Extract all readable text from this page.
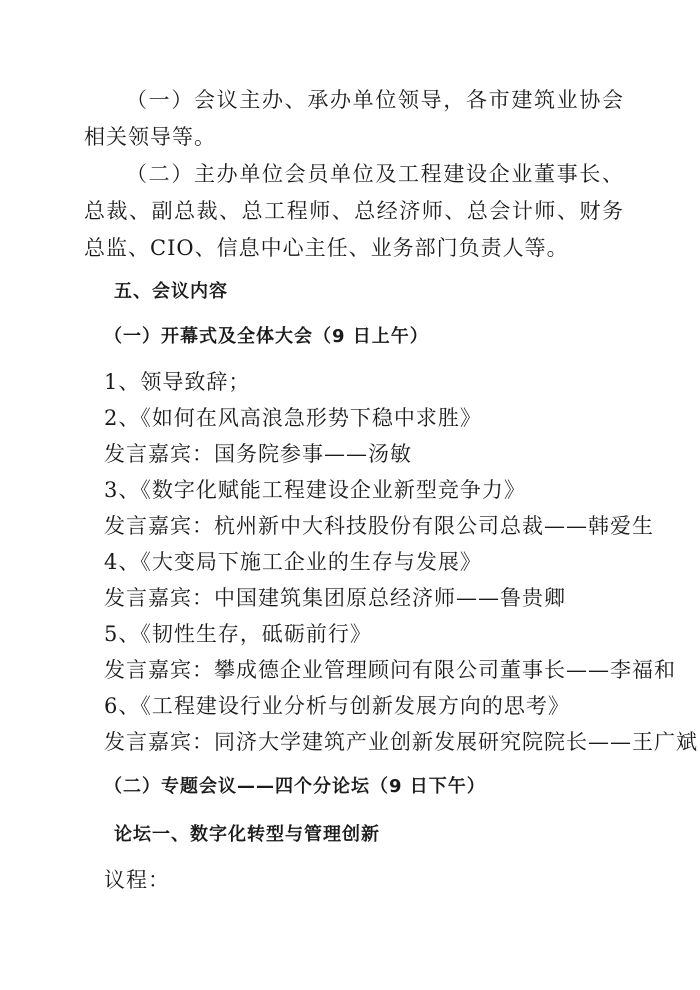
（一）会议主办、承办单位领导，各市建筑业协会相关领导等。
（二）主办单位会员单位及工程建设企业董事长、总裁、副总裁、总工程师、总经济师、总会计师、财务总监、CIO、信息中心主任、业务部门负责人等。
五、会议内容
（一）开幕式及全体大会（9 日上午）
1、领导致辞；
2、《如何在风高浪急形势下稳中求胜》
发言嘉宾：国务院参事——汤敏
3、《数字化赋能工程建设企业新型竞争力》
发言嘉宾：杭州新中大科技股份有限公司总裁——韩爱生
4、《大变局下施工企业的生存与发展》
发言嘉宾：中国建筑集团原总经济师——鲁贵卿
5、《韧性生存，砥砺前行》
发言嘉宾：攀成德企业管理顾问有限公司董事长——李福和
6、《工程建设行业分析与创新发展方向的思考》
发言嘉宾：同济大学建筑产业创新发展研究院院长——王广斌
（二）专题会议——四个分论坛（9 日下午）
论坛一、数字化转型与管理创新
议程：
